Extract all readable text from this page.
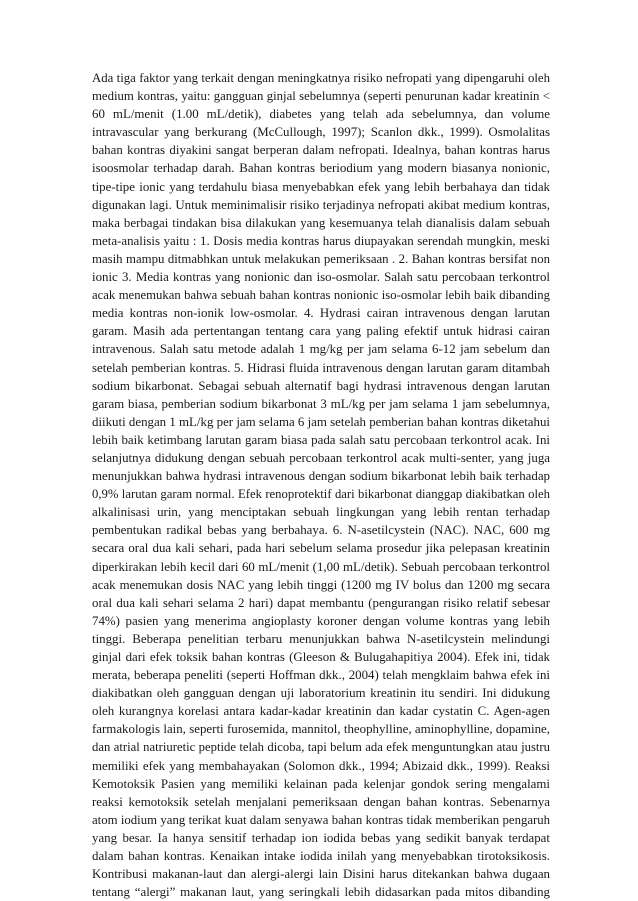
Ada tiga faktor yang terkait dengan meningkatnya risiko nefropati yang dipengaruhi oleh
medium kontras, yaitu: gangguan ginjal sebelumnya (seperti penurunan kadar kreatinin <
60 mL/menit (1.00 mL/detik), diabetes yang telah ada sebelumnya, dan volume
intravascular yang berkurang (McCullough, 1997); Scanlon dkk., 1999). Osmolalitas
bahan kontras diyakini sangat berperan dalam nefropati. Idealnya, bahan kontras harus
isoosmolar terhadap darah. Bahan kontras beriodium yang modern biasanya nonionic,
tipe-tipe ionic yang terdahulu biasa menyebabkan efek yang lebih berbahaya dan tidak
digunakan lagi. Untuk meminimalisir risiko terjadinya nefropati akibat medium kontras,
maka berbagai tindakan bisa dilakukan yang kesemuanya telah dianalisis dalam sebuah
meta-analisis yaitu : 1. Dosis media kontras harus diupayakan serendah mungkin, meski
masih mampu ditmabhkan untuk melakukan pemeriksaan . 2. Bahan kontras bersifat non
ionic 3. Media kontras yang nonionic dan iso-osmolar. Salah satu percobaan terkontrol
acak menemukan bahwa sebuah bahan kontras nonionic iso-osmolar lebih baik dibanding
media kontras non-ionik low-osmolar. 4. Hydrasi cairan intravenous dengan larutan
garam. Masih ada pertentangan tentang cara yang paling efektif untuk hidrasi cairan
intravenous. Salah satu metode adalah 1 mg/kg per jam selama 6-12 jam sebelum dan
setelah pemberian kontras. 5. Hidrasi fluida intravenous dengan larutan garam ditambah
sodium bikarbonat. Sebagai sebuah alternatif bagi hydrasi intravenous dengan larutan
garam biasa, pemberian sodium bikarbonat 3 mL/kg per jam selama 1 jam sebelumnya,
diikuti dengan 1 mL/kg per jam selama 6 jam setelah pemberian bahan kontras diketahui
lebih baik ketimbang larutan garam biasa pada salah satu percobaan terkontrol acak. Ini
selanjutnya didukung dengan sebuah percobaan terkontrol acak multi-senter, yang juga
menunjukkan bahwa hydrasi intravenous dengan sodium bikarbonat lebih baik terhadap
0,9% larutan garam normal. Efek renoprotektif dari bikarbonat dianggap diakibatkan oleh
alkalinisasi urin, yang menciptakan sebuah lingkungan yang lebih rentan terhadap
pembentukan radikal bebas yang berbahaya. 6. N-asetilcystein (NAC). NAC, 600 mg
secara oral dua kali sehari, pada hari sebelum selama prosedur jika pelepasan kreatinin
diperkirakan lebih kecil dari 60 mL/menit (1,00 mL/detik). Sebuah percobaan terkontrol
acak menemukan dosis NAC yang lebih tinggi (1200 mg IV bolus dan 1200 mg secara
oral dua kali sehari selama 2 hari) dapat membantu (pengurangan risiko relatif sebesar
74%) pasien yang menerima angioplasty koroner dengan volume kontras yang lebih
tinggi. Beberapa penelitian terbaru menunjukkan bahwa N-asetilcystein melindungi
ginjal dari efek toksik bahan kontras (Gleeson & Bulugahapitiya 2004). Efek ini, tidak
merata, beberapa peneliti (seperti Hoffman dkk., 2004) telah mengklaim bahwa efek ini
diakibatkan oleh gangguan dengan uji laboratorium kreatinin itu sendiri. Ini didukung
oleh kurangnya korelasi antara kadar-kadar kreatinin dan kadar cystatin C. Agen-agen
farmakologis lain, seperti furosemida, mannitol, theophylline, aminophylline, dopamine,
dan atrial natriuretic peptide telah dicoba, tapi belum ada efek menguntungkan atau justru
memiliki efek yang membahayakan (Solomon dkk., 1994; Abizaid dkk., 1999). Reaksi
Kemotoksik Pasien yang memiliki kelainan pada kelenjar gondok sering mengalami
reaksi kemotoksik setelah menjalani pemeriksaan dengan bahan kontras. Sebenarnya
atom iodium yang terikat kuat dalam senyawa bahan kontras tidak memberikan pengaruh
yang besar. Ia hanya sensitif terhadap ion iodida bebas yang sedikit banyak terdapat
dalam bahan kontras. Kenaikan intake iodida inilah yang menyebabkan tirotoksikosis.
Kontribusi makanan-laut dan alergi-alergi lain Disini harus ditekankan bahwa dugaan
tentang “alergi” makanan laut, yang seringkali lebih didasarkan pada mitos dibanding
